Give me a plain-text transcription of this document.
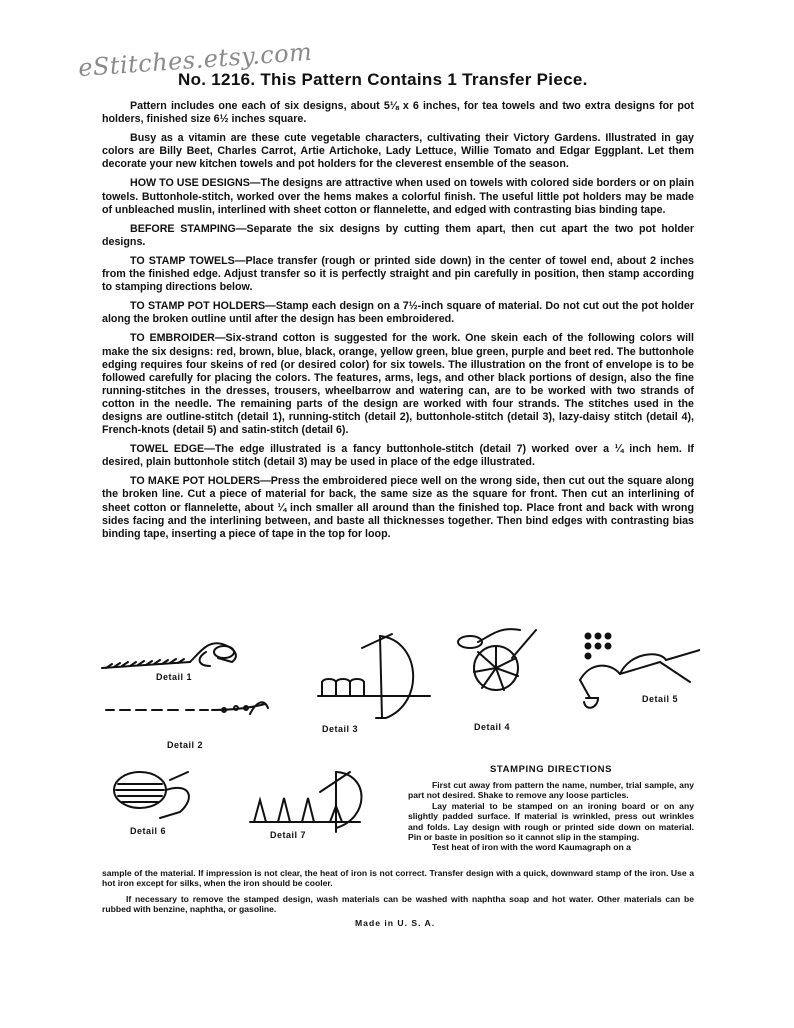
eStitches.etsy.com
No. 1216. This Pattern Contains 1 Transfer Piece.

Pattern includes one each of six designs, about 5⅛ x 6 inches, for tea towels and two extra designs for pot holders, finished size 6½ inches square.

Busy as a vitamin are these cute vegetable characters, cultivating their Victory Gardens. Illustrated in gay colors are Billy Beet, Charles Carrot, Artie Artichoke, Lady Lettuce, Willie Tomato and Edgar Eggplant. Let them decorate your new kitchen towels and pot holders for the cleverest ensemble of the season.

HOW TO USE DESIGNS—The designs are attractive when used on towels with colored side borders or on plain towels. Buttonhole-stitch, worked over the hems makes a colorful finish. The useful little pot holders may be made of unbleached muslin, interlined with sheet cotton or flannelette, and edged with contrasting bias binding tape.

BEFORE STAMPING—Separate the six designs by cutting them apart, then cut apart the two pot holder designs.

TO STAMP TOWELS—Place transfer (rough or printed side down) in the center of towel end, about 2 inches from the finished edge. Adjust transfer so it is perfectly straight and pin carefully in position, then stamp according to stamping directions below.

TO STAMP POT HOLDERS—Stamp each design on a 7½-inch square of material. Do not cut out the pot holder along the broken outline until after the design has been embroidered.

TO EMBROIDER—Six-strand cotton is suggested for the work. One skein each of the following colors will make the six designs: red, brown, blue, black, orange, yellow green, blue green, purple and beet red. The buttonhole edging requires four skeins of red (or desired color) for six towels. The illustration on the front of envelope is to be followed carefully for placing the colors. The features, arms, legs, and other black portions of design, also the fine running-stitches in the dresses, trousers, wheelbarrow and watering can, are to be worked with two strands of cotton in the needle. The remaining parts of the design are worked with four strands. The stitches used in the designs are outline-stitch (detail 1), running-stitch (detail 2), buttonhole-stitch (detail 3), lazy-daisy stitch (detail 4), French-knots (detail 5) and satin-stitch (detail 6).

TOWEL EDGE—The edge illustrated is a fancy buttonhole-stitch (detail 7) worked over a ¼ inch hem. If desired, plain buttonhole stitch (detail 3) may be used in place of the edge illustrated.

TO MAKE POT HOLDERS—Press the embroidered piece well on the wrong side, then cut out the square along the broken line. Cut a piece of material for back, the same size as the square for front. Then cut an interlining of sheet cotton or flannelette, about ¼ inch smaller all around than the finished top. Place front and back with wrong sides facing and the interlining between, and baste all thicknesses together. Then bind edges with contrasting bias binding tape, inserting a piece of tape in the top for loop.

Detail 1
Detail 2
Detail 3	Detail 4
Detail 5
Detail 6	Detail 7
STAMPING DIRECTIONS

First cut away from pattern the name, number, trial sample, any part not desired. Shake to remove any loose particles.

Lay material to be stamped on an ironing board or on any slightly padded surface. If material is wrinkled, press out wrinkles and folds. Lay design with rough or printed side down on material. Pin or baste in position so it cannot slip in the stamping.

Test heat of iron with the word Kaumagraph on a

sample of the material. If impression is not clear, the heat of iron is not correct. Transfer design with a quick, downward stamp of the iron. Use a hot iron except for silks, when the iron should be cooler.

If necessary to remove the stamped design, wash materials can be washed with naphtha soap and hot water. Other materials can be rubbed with benzine, naphtha, or gasoline.

Made in U. S. A.
